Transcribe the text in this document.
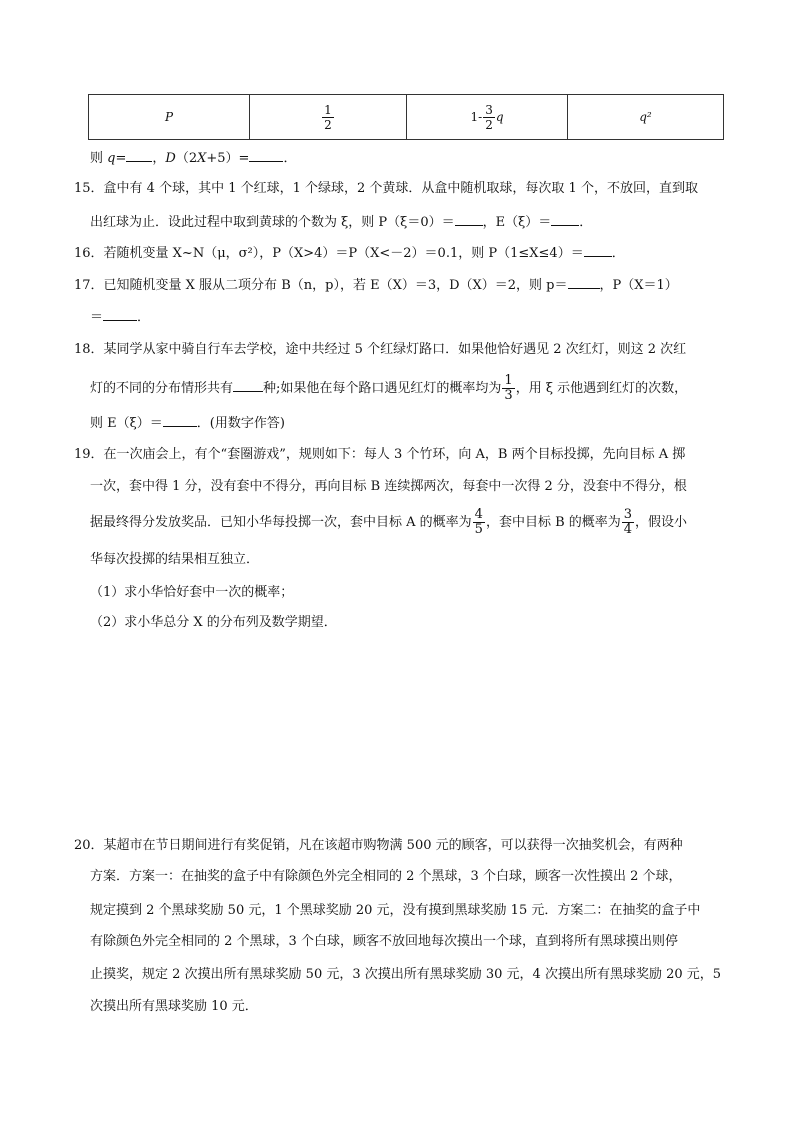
P	$\frac{1}{2}$	$1- \frac{3}{2}$ q	q²
则 q= ，D（2X+5）=	．
15．盒中有 4 个球，其中 1 个红球，1 个绿球，2 个黄球．从盒中随机取球，每次取 1 个，不放回，直到取
出红球为止．设此过程中取到黄球的个数为 ξ，则 P（ξ＝0）＝ ，E（ξ）＝ ．
16．若随机变量 X~N（μ，σ²），P（X>4）＝P（X<－2）＝0.1，则 P（1≤X≤4）＝ ．
17．已知随机变量 X 服从二项分布 B（n，p），若 E（X）＝3，D（X）＝2，则 p＝ ，P（X＝1）
＝	．
18．某同学从家中骑自行车去学校，途中共经过 5 个红绿灯路口．如果他恰好遇见 2 次红灯，则这 2 次红
灯的不同的分布情形共有 种;如果他在每个路口遇见红灯的概率均为 $\frac{1}{3}$ ，用 ξ 示他遇到红灯的次数，
则 E（ξ）＝	．(用数字作答)
19．在一次庙会上，有个“套圈游戏”，规则如下：每人 3 个竹环，向 A，B 两个目标投掷，先向目标 A 掷
一次，套中得 1 分，没有套中不得分，再向目标 B 连续掷两次，每套中一次得 2 分，没套中不得分，根
据最终得分发放奖品．已知小华每投掷一次，套中目标 A 的概率为 $\frac{4}{5}$ ，套中目标 B 的概率为 $\frac{3}{4}$ ，假设小
华每次投掷的结果相互独立．
（1）求小华恰好套中一次的概率；
（2）求小华总分 X 的分布列及数学期望．
20．某超市在节日期间进行有奖促销，凡在该超市购物满 500 元的顾客，可以获得一次抽奖机会，有两种
方案．方案一：在抽奖的盒子中有除颜色外完全相同的 2 个黑球，3 个白球，顾客一次性摸出 2 个球，
规定摸到 2 个黑球奖励 50 元，1 个黑球奖励 20 元，没有摸到黑球奖励 15 元．方案二：在抽奖的盒子中
有除颜色外完全相同的 2 个黑球，3 个白球，顾客不放回地每次摸出一个球，直到将所有黑球摸出则停
止摸奖，规定 2 次摸出所有黑球奖励 50 元，3 次摸出所有黑球奖励 30 元，4 次摸出所有黑球奖励 20 元，5
次摸出所有黑球奖励 10 元．
